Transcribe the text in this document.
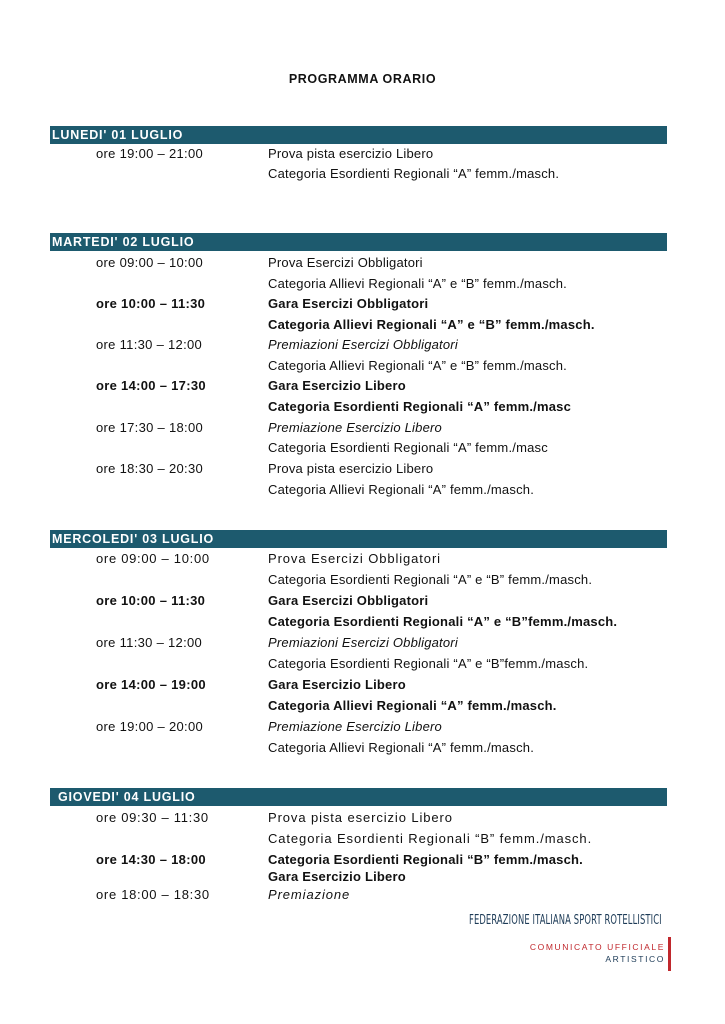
PROGRAMMA ORARIO
LUNEDI' 01 LUGLIO
ore 19:00 – 21:00	Prova pista esercizio Libero
Categoria Esordienti Regionali “A” femm./masch.
MARTEDI' 02 LUGLIO
ore 09:00 – 10:00	Prova Esercizi Obbligatori
Categoria Allievi Regionali “A” e “B” femm./masch.
ore 10:00 – 11:30	Gara Esercizi Obbligatori
Categoria Allievi Regionali “A” e “B” femm./masch.
ore 11:30 – 12:00	Premiazioni Esercizi Obbligatori
Categoria Allievi Regionali “A” e “B” femm./masch.
ore 14:00 – 17:30	Gara Esercizio Libero
Categoria Esordienti Regionali “A” femm./masc
ore 17:30 – 18:00	Premiazione Esercizio Libero
Categoria Esordienti Regionali “A” femm./masc
ore 18:30 – 20:30	Prova pista esercizio Libero
Categoria Allievi Regionali “A” femm./masch.
MERCOLEDI' 03 LUGLIO
ore 09:00 – 10:00	Prova Esercizi Obbligatori
Categoria Esordienti Regionali “A” e “B” femm./masch.
ore 10:00 – 11:30	Gara Esercizi Obbligatori
Categoria Esordienti Regionali “A” e “B”femm./masch.
ore 11:30 – 12:00	Premiazioni Esercizi Obbligatori
Categoria Esordienti Regionali “A” e “B”femm./masch.
ore 14:00 – 19:00	Gara Esercizio Libero
Categoria Allievi Regionali “A” femm./masch.
ore 19:00 – 20:00	Premiazione Esercizio Libero
Categoria Allievi Regionali “A” femm./masch.
GIOVEDI' 04 LUGLIO
ore 09:30 – 11:30	Prova pista esercizio Libero
Categoria Esordienti Regionali “B” femm./masch.
ore 14:30 – 18:00	Categoria Esordienti Regionali “B” femm./masch.
Gara Esercizio Libero
ore 18:00 – 18:30	Premiazione
FEDERAZIONE ITALIANA SPORT ROTELLISTICI
COMUNICATO UFFICIALE
ARTISTICO
